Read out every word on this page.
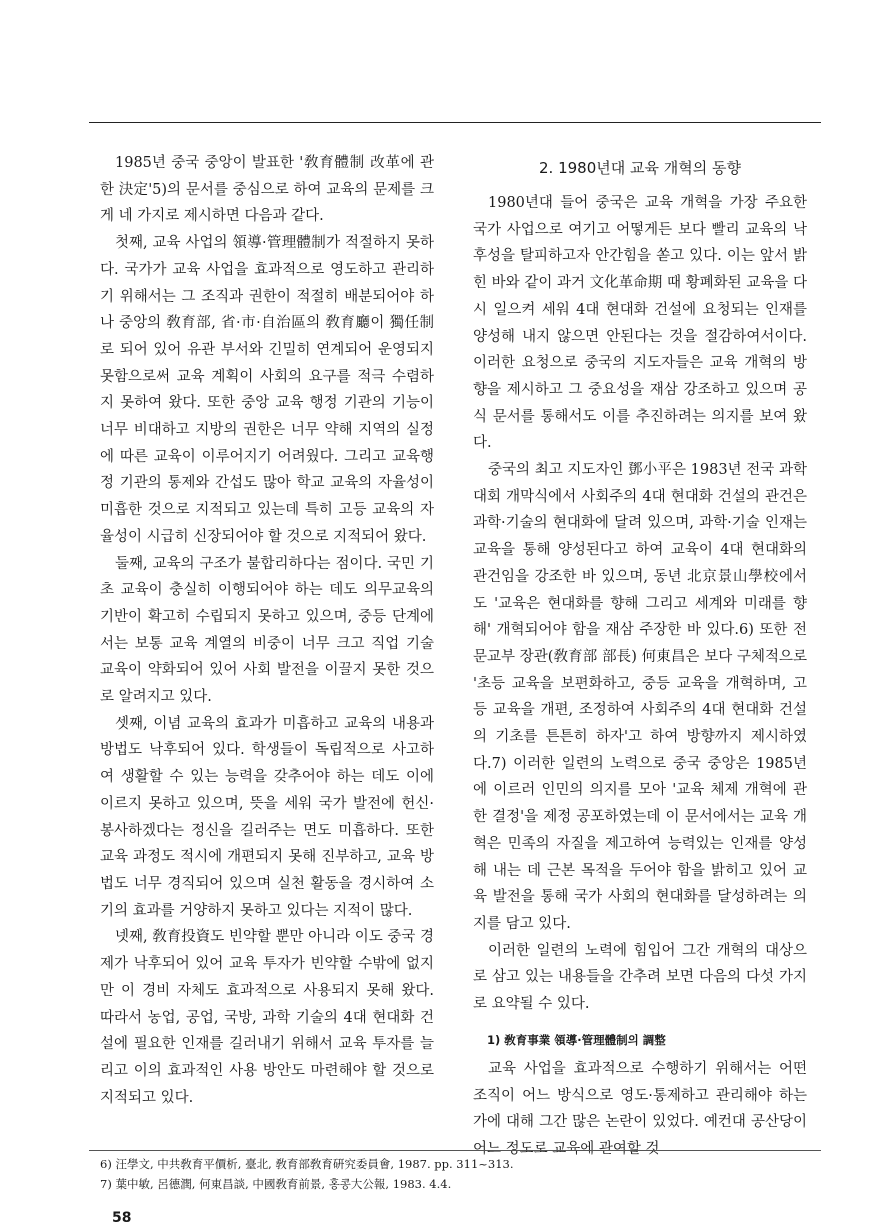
1985년 중국 중앙이 발표한 '敎育體制 改革에 관한 決定'5)의 문서를 중심으로 하여 교육의 문제를 크게 네 가지로 제시하면 다음과 같다.

첫째, 교육 사업의 領導·管理體制가 적절하지 못하다. 국가가 교육 사업을 효과적으로 영도하고 관리하기 위해서는 그 조직과 권한이 적절히 배분되어야 하나 중앙의 敎育部, 省·市·自治區의 敎育廳이 獨任制로 되어 있어 유관 부서와 긴밀히 연계되어 운영되지 못함으로써 교육 계획이 사회의 요구를 적극 수렴하지 못하여 왔다. 또한 중앙 교육 행정 기관의 기능이 너무 비대하고 지방의 권한은 너무 약해 지역의 실정에 따른 교육이 이루어지기 어려웠다. 그리고 교육행정 기관의 통제와 간섭도 많아 학교 교육의 자율성이 미흡한 것으로 지적되고 있는데 특히 고등 교육의 자율성이 시급히 신장되어야 할 것으로 지적되어 왔다.

둘째, 교육의 구조가 불합리하다는 점이다. 국민 기초 교육이 충실히 이행되어야 하는 데도 의무교육의 기반이 확고히 수립되지 못하고 있으며, 중등 단계에서는 보통 교육 계열의 비중이 너무 크고 직업 기술 교육이 약화되어 있어 사회 발전을 이끌지 못한 것으로 알려지고 있다.

셋째, 이념 교육의 효과가 미흡하고 교육의 내용과 방법도 낙후되어 있다. 학생들이 독립적으로 사고하여 생활할 수 있는 능력을 갖추어야 하는 데도 이에 이르지 못하고 있으며, 뜻을 세워 국가 발전에 헌신·봉사하겠다는 정신을 길러주는 면도 미흡하다. 또한 교육 과정도 적시에 개편되지 못해 진부하고, 교육 방법도 너무 경직되어 있으며 실천 활동을 경시하여 소기의 효과를 거양하지 못하고 있다는 지적이 많다.

넷째, 敎育投資도 빈약할 뿐만 아니라 이도 중국 경제가 낙후되어 있어 교육 투자가 빈약할 수밖에 없지만 이 경비 자체도 효과적으로 사용되지 못해 왔다. 따라서 농업, 공업, 국방, 과학 기술의 4대 현대화 건설에 필요한 인재를 길러내기 위해서 교육 투자를 늘리고 이의 효과적인 사용 방안도 마련해야 할 것으로 지적되고 있다.

2. 1980년대 교육 개혁의 동향

1980년대 들어 중국은 교육 개혁을 가장 주요한 국가 사업으로 여기고 어떻게든 보다 빨리 교육의 낙후성을 탈피하고자 안간힘을 쏟고 있다. 이는 앞서 밝힌 바와 같이 과거 文化革命期 때 황폐화된 교육을 다시 일으켜 세워 4대 현대화 건설에 요청되는 인재를 양성해 내지 않으면 안된다는 것을 절감하여서이다. 이러한 요청으로 중국의 지도자들은 교육 개혁의 방향을 제시하고 그 중요성을 재삼 강조하고 있으며 공식 문서를 통해서도 이를 추진하려는 의지를 보여 왔다.

중국의 최고 지도자인 鄧小平은 1983년 전국 과학대회 개막식에서 사회주의 4대 현대화 건설의 관건은 과학·기술의 현대화에 달려 있으며, 과학·기술 인재는 교육을 통해 양성된다고 하여 교육이 4대 현대화의 관건임을 강조한 바 있으며, 동년 北京景山學校에서도 '교육은 현대화를 향해 그리고 세계와 미래를 향해' 개혁되어야 함을 재삼 주장한 바 있다.6) 또한 전 문교부 장관(敎育部 部長) 何東昌은 보다 구체적으로 '초등 교육을 보편화하고, 중등 교육을 개혁하며, 고등 교육을 개편, 조정하여 사회주의 4대 현대화 건설의 기초를 튼튼히 하자'고 하여 방향까지 제시하였다.7) 이러한 일련의 노력으로 중국 중앙은 1985년에 이르러 인민의 의지를 모아 '교육 체제 개혁에 관한 결정'을 제정 공포하였는데 이 문서에서는 교육 개혁은 민족의 자질을 제고하여 능력있는 인재를 양성해 내는 데 근본 목적을 두어야 함을 밝히고 있어 교육 발전을 통해 국가 사회의 현대화를 달성하려는 의지를 담고 있다.

이러한 일련의 노력에 힘입어 그간 개혁의 대상으로 삼고 있는 내용들을 간추려 보면 다음의 다섯 가지로 요약될 수 있다.

1) 敎育事業 領導·管理體制의 調整

교육 사업을 효과적으로 수행하기 위해서는 어떤 조직이 어느 방식으로 영도·통제하고 관리해야 하는가에 대해 그간 많은 논란이 있었다. 예컨대 공산당이 어느 정도로 교육에 관여할 것

6) 汪學文, 中共敎育平價析, 臺北, 敎育部敎育硏究委員會, 1987. pp. 311~313.

7) 葉中敏, 呂德潤, 何東昌談, 中國敎育前景, 홍콩大公報, 1983. 4.4.

58
